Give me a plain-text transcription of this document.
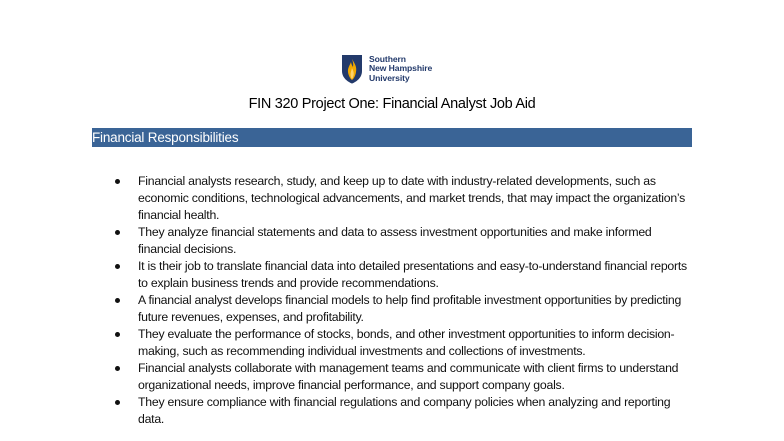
Southern
New Hampshire
University
FIN 320 Project One: Financial Analyst Job Aid
Financial Responsibilities
Financial analysts research, study, and keep up to date with industry-related developments, such as economic conditions, technological advancements, and market trends, that may impact the organization’s financial health.
They analyze financial statements and data to assess investment opportunities and make informed financial decisions.
It is their job to translate financial data into detailed presentations and easy-to-understand financial reports to explain business trends and provide recommendations.
A financial analyst develops financial models to help find profitable investment opportunities by predicting future revenues, expenses, and profitability.
They evaluate the performance of stocks, bonds, and other investment opportunities to inform decision-making, such as recommending individual investments and collections of investments.
Financial analysts collaborate with management teams and communicate with client firms to understand organizational needs, improve financial performance, and support company goals.
They ensure compliance with financial regulations and company policies when analyzing and reporting data.
